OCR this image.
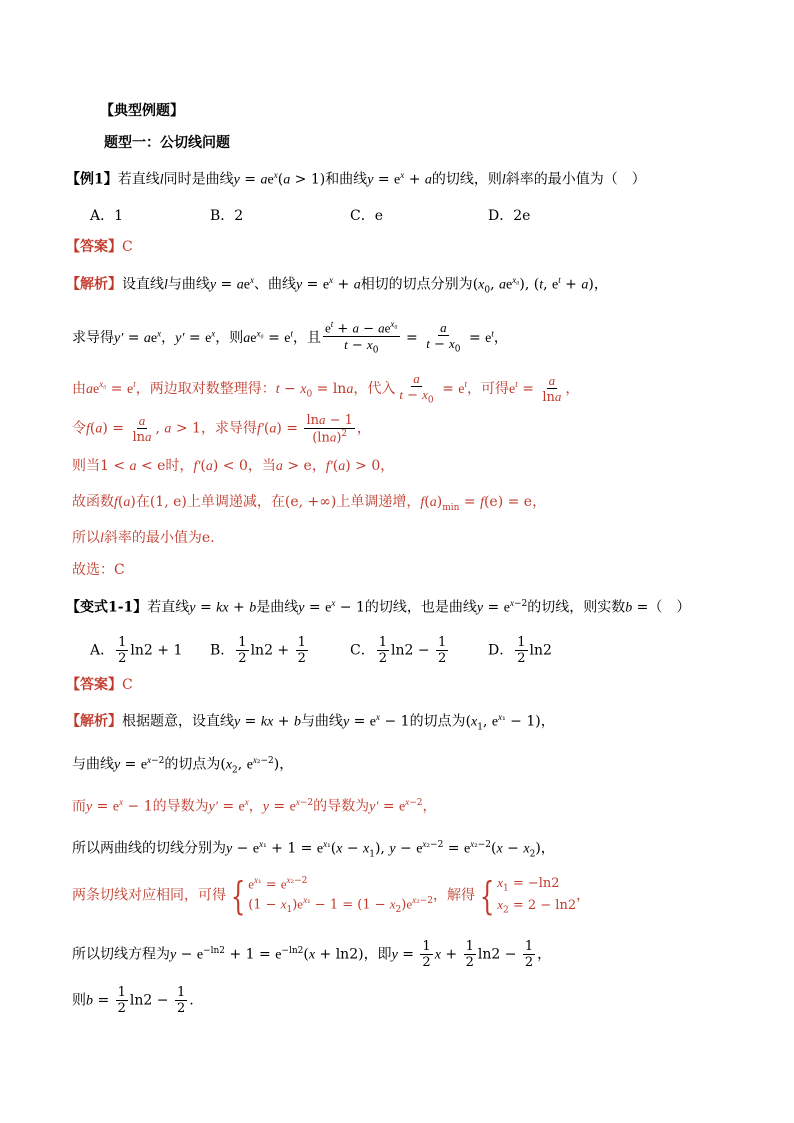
【典型例题】
题型一：公切线问题
【例1】若直线l同时是曲线$y = ae^x(a > 1)$和曲线$y = e^x + a$的切线，则l斜率的最小值为（　）
A．1	B．2	C．e	D．2e
【答案】C
【解析】设直线l与曲线$y = ae^x$、曲线$y = e^x + a$相切的切点分别为($x_0$, $ae^{x_0}$), (t, $e^t + a$)，
求导得$y' = ae^x$，$y' = e^x$，则$ae^{x_0} = e^t$，且 $\frac{e^t + a - ae^{x_0}}{t - x_0} = \frac{a}{t - x_0} = e^t$，
由$ae^{x_0} = e^t$，两边取对数整理得：$t - x_0 = \ln a$，代入 $\frac{a}{t - x_0} = e^t$，可得$e^t = \frac{a}{\ln a}$ ，
令$f(a) = \frac{a}{\ln a}$ , a > 1，求导得$f'(a) = \frac{\ln a - 1}{(\ln a)^2}$ ，
则当1 < a < e时，f′(a) < 0，当a > e，f′(a) > 0，
故函数f(a)在(1, e)上单调递减，在(e, +∞)上单调递增，$f(a)_{min} = f(e) = e$，
所以l斜率的最小值为e.
故选：C
【变式1-1】若直线y = kx + b是曲线$y = e^x - 1$的切线，也是曲线$y = e^{x-2}$的切线，则实数b =（　）
A． $\frac{1}{2} \ln 2 + 1$ B． $\frac{1}{2} \ln 2 + \frac{1}{2}$	C． $\frac{1}{2} \ln 2 - \frac{1}{2}$	D． $\frac{1}{2} \ln 2$
【答案】C
【解析】根据题意，设直线y = kx + b与曲线$y = e^x - 1$的切点为($x_1$, $e^{x_1} - 1$)，
与曲线$y = e^{x-2}$的切点为($x_2$, $e^{x_2-2}$)，
而$y = e^x - 1$的导数为$y' = e^x$，$y = e^{x-2}$的导数为$y' = e^{x-2}$，
所以两曲线的切线分别为$y - e^{x_1} + 1 = e^{x_1}(x - x_1)$, $y - e^{x_2-2} = e^{x_2-2}(x - x_2)$，
两条切线对应相同，可得 { $e^{x_1} = e^{x_2-2}$
$(1 - x_1)e^{x_1} - 1 = (1 - x_2)e^{x_2-2}$ ，解得 { $x_1 = -\ln 2$
$x_2 = 2 - \ln 2$
，
所以切线方程为$y - e^{-ln2} + 1 = e^{-ln2}(x + \ln 2)$，即$y = \frac{1}{2}$ $x + \frac{1}{2} \ln 2 - \frac{1}{2}$ ，
则$b = \frac{1}{2} \ln 2 - \frac{1}{2}$ .
